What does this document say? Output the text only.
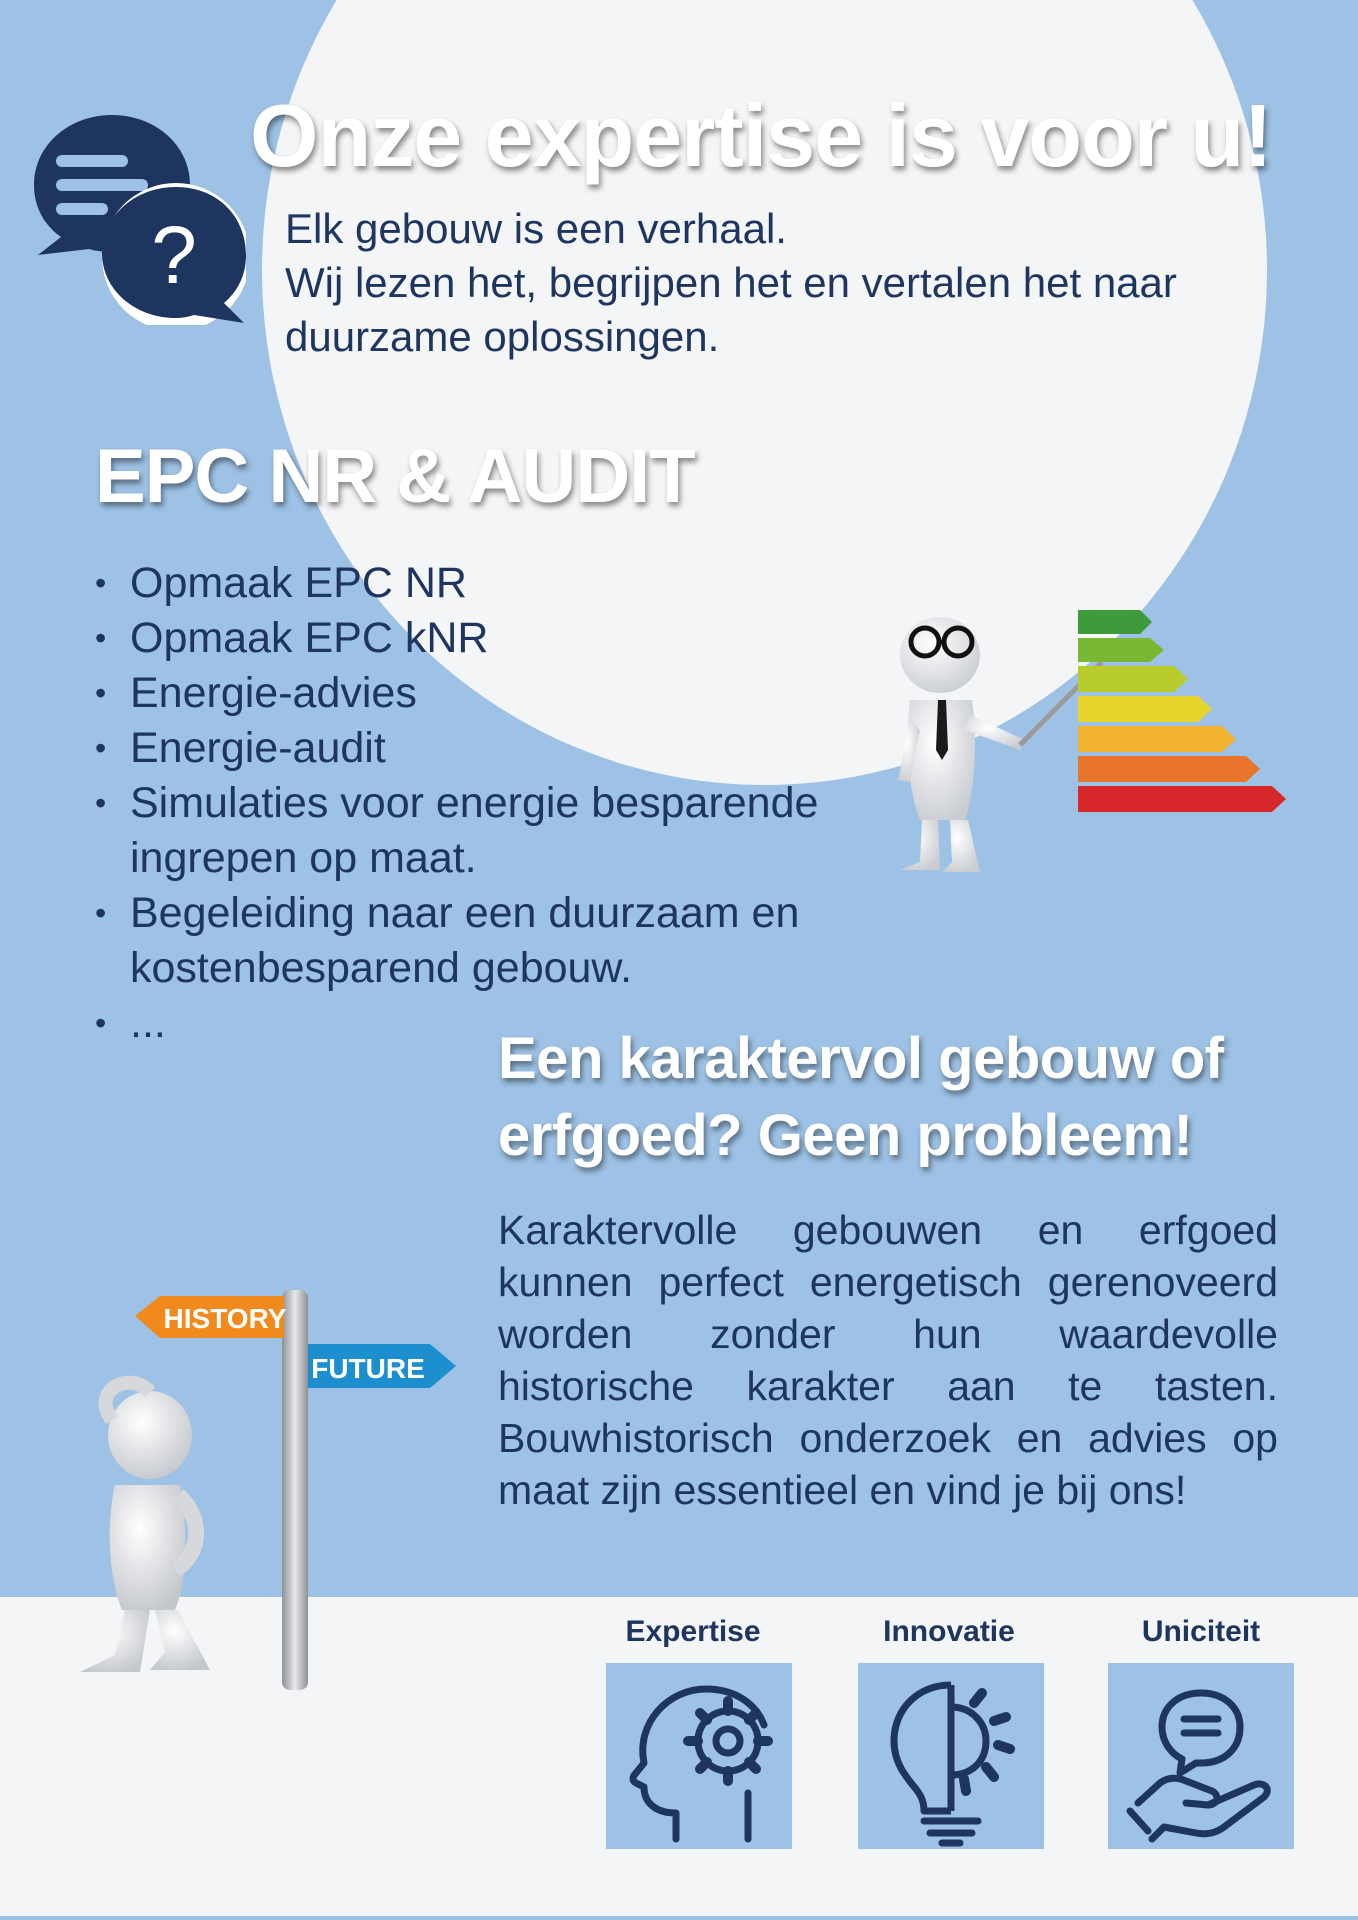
?
Onze expertise is voor u!

Elk gebouw is een verhaal.

Wij lezen het, begrijpen het en vertalen het naar duurzame oplossingen.

EPC NR & AUDIT
• Opmaak EPC NR
• Opmaak EPC kNR
• Energie-advies
• Energie-audit
• Simulaties voor energie besparende ingrepen op maat.
• Begeleiding naar een duurzaam en kostenbesparend gebouw.
• ...
Een karaktervol gebouw of erfgoed? Geen probleem!

Karaktervolle gebouwen en erfgoed kunnen perfect energetisch gerenoveerd worden zonder hun waardevolle historische karakter aan te tasten. Bouwhistorisch onderzoek en advies op maat zijn essentieel en vind je bij ons!

HISTORY
FUTURE
Expertise	Innovatie	Uniciteit
